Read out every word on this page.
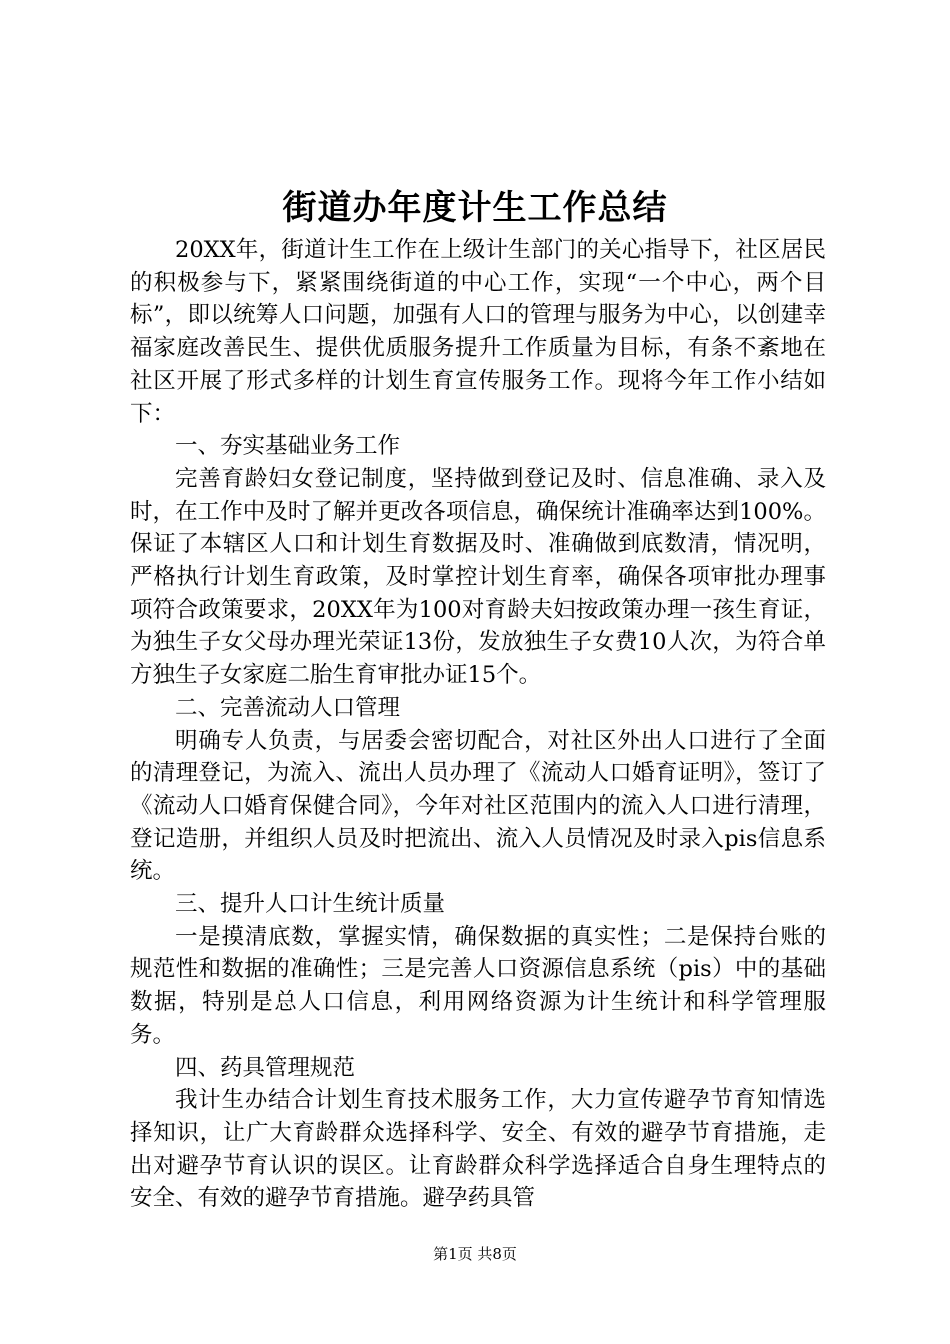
街道办年度计生工作总结

20XX年，街道计生工作在上级计生部门的关心指导下，社区居民的积极参与下，紧紧围绕街道的中心工作，实现“一个中心，两个目标”，即以统筹人口问题，加强有人口的管理与服务为中心，以创建幸福家庭改善民生、提供优质服务提升工作质量为目标，有条不紊地在社区开展了形式多样的计划生育宣传服务工作。现将今年工作小结如下：

一、夯实基础业务工作

完善育龄妇女登记制度，坚持做到登记及时、信息准确、录入及时，在工作中及时了解并更改各项信息，确保统计准确率达到100%。保证了本辖区人口和计划生育数据及时、准确做到底数清，情况明，严格执行计划生育政策，及时掌控计划生育率，确保各项审批办理事项符合政策要求，20XX年为100对育龄夫妇按政策办理一孩生育证，为独生子女父母办理光荣证13份，发放独生子女费10人次，为符合单方独生子女家庭二胎生育审批办证15个。

二、完善流动人口管理

明确专人负责，与居委会密切配合，对社区外出人口进行了全面的清理登记，为流入、流出人员办理了《流动人口婚育证明》，签订了《流动人口婚育保健合同》，今年对社区范围内的流入人口进行清理，登记造册，并组织人员及时把流出、流入人员情况及时录入pis信息系统。

三、提升人口计生统计质量

一是摸清底数，掌握实情，确保数据的真实性；二是保持台账的规范性和数据的准确性；三是完善人口资源信息系统（pis）中的基础数据，特别是总人口信息，利用网络资源为计生统计和科学管理服务。

四、药具管理规范

我计生办结合计划生育技术服务工作，大力宣传避孕节育知情选择知识，让广大育龄群众选择科学、安全、有效的避孕节育措施，走出对避孕节育认识的误区。让育龄群众科学选择适合自身生理特点的安全、有效的避孕节育措施。避孕药具管

第1页 共8页
